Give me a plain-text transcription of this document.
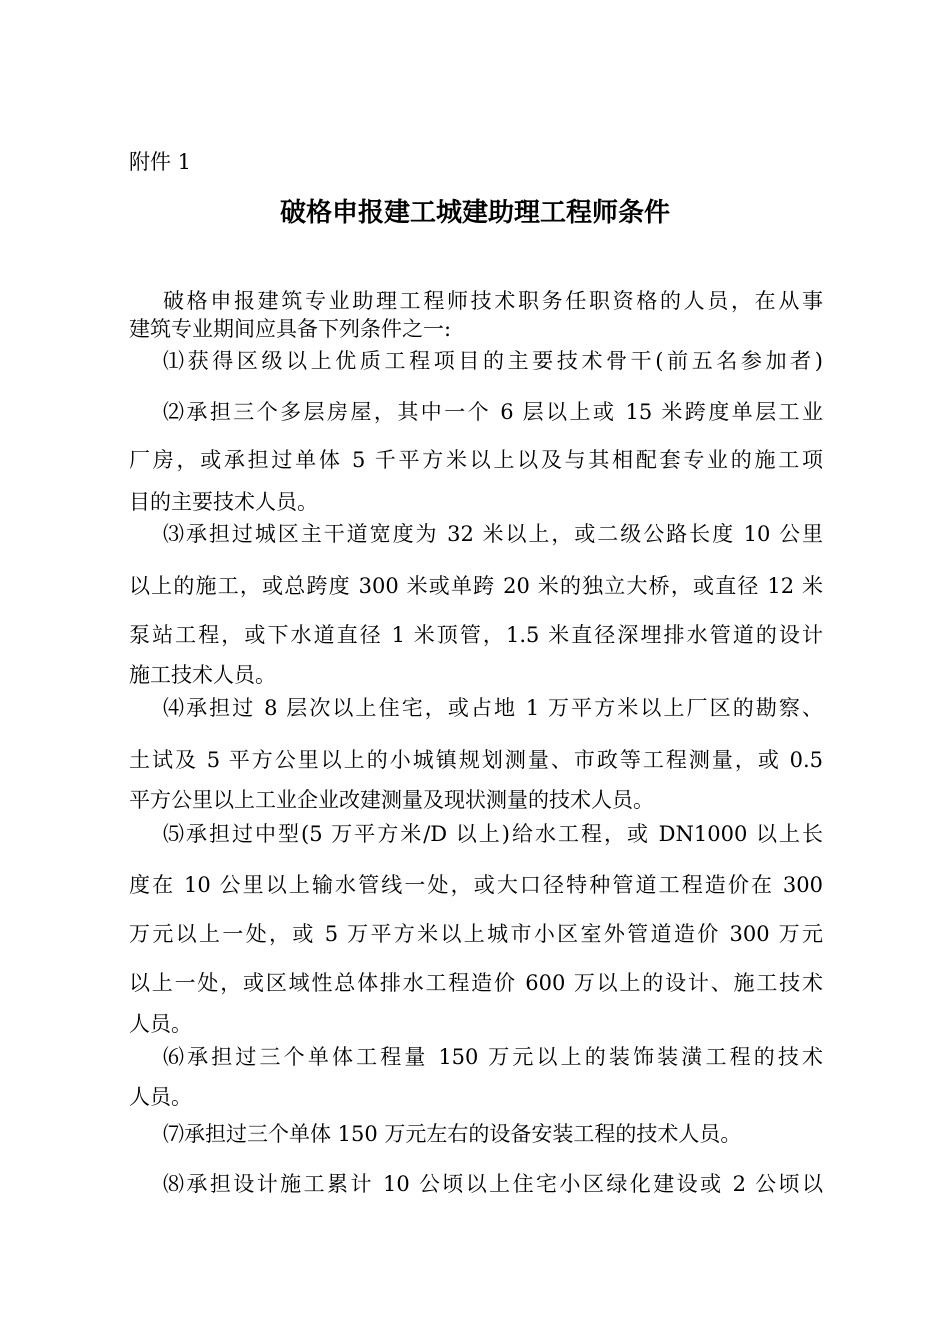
附件 1
破格申报建工城建助理工程师条件
破格申报建筑专业助理工程师技术职务任职资格的人员，在从事
建筑专业期间应具备下列条件之一:
⑴获得区级以上优质工程项目的主要技术骨干(前五名参加者)
⑵承担三个多层房屋，其中一个 6 层以上或 15 米跨度单层工业
厂房，或承担过单体 5 千平方米以上以及与其相配套专业的施工项
目的主要技术人员。
⑶承担过城区主干道宽度为 32 米以上，或二级公路长度 10 公里
以上的施工，或总跨度 300 米或单跨 20 米的独立大桥，或直径 12 米
泵站工程，或下水道直径 1 米顶管，1.5 米直径深埋排水管道的设计
施工技术人员。
⑷承担过 8 层次以上住宅，或占地 1 万平方米以上厂区的勘察、
土试及 5 平方公里以上的小城镇规划测量、市政等工程测量，或 0.5
平方公里以上工业企业改建测量及现状测量的技术人员。
⑸承担过中型(5 万平方米/D 以上)给水工程，或 DN1000 以上长
度在 10 公里以上输水管线一处，或大口径特种管道工程造价在 300
万元以上一处，或 5 万平方米以上城市小区室外管道造价 300 万元
以上一处，或区域性总体排水工程造价 600 万以上的设计、施工技术
人员。
⑹承担过三个单体工程量 150 万元以上的装饰装潢工程的技术
人员。
⑺承担过三个单体 150 万元左右的设备安装工程的技术人员。
⑻承担设计施工累计 10 公顷以上住宅小区绿化建设或 2 公顷以
